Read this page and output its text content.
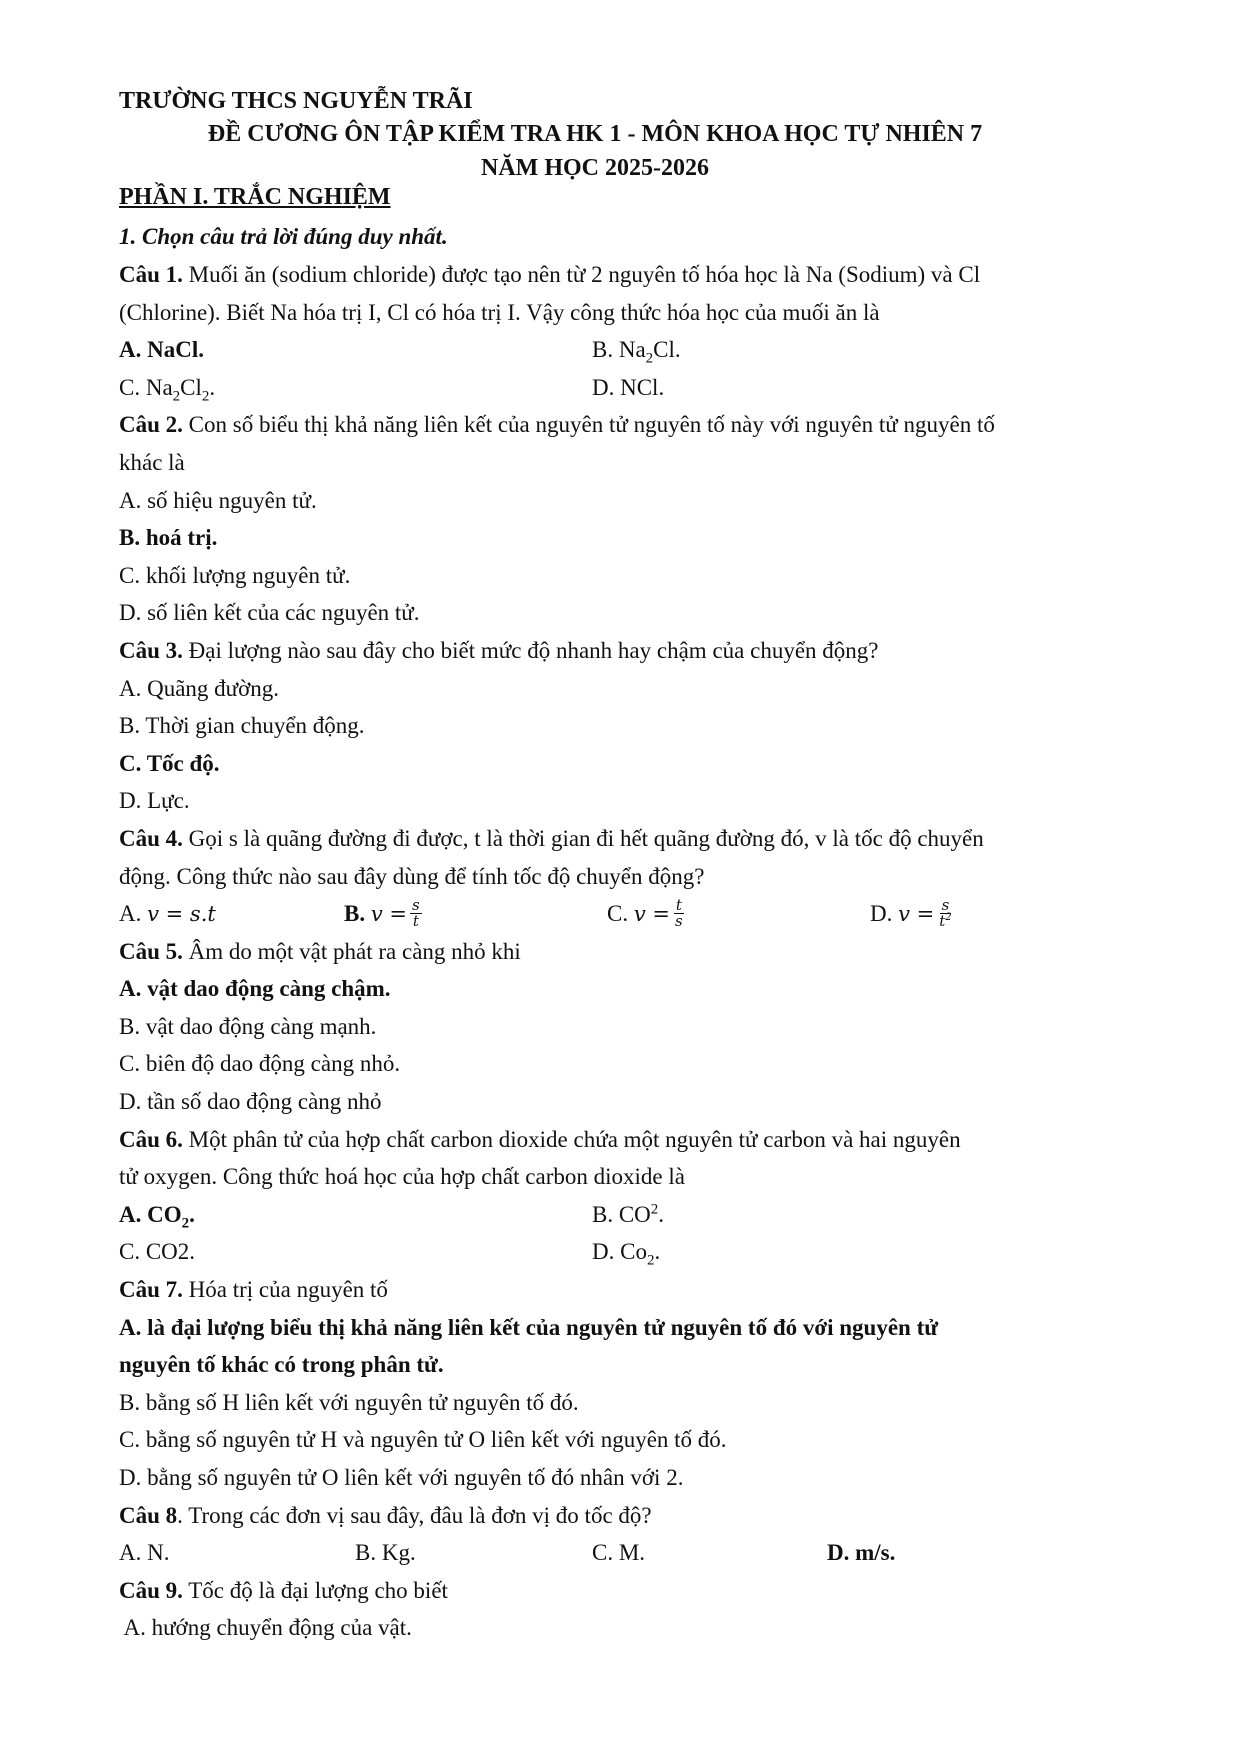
TRƯỜNG THCS NGUYỄN TRÃI
ĐỀ CƯƠNG ÔN TẬP KIỂM TRA HK 1 - MÔN KHOA HỌC TỰ NHIÊN 7
NĂM HỌC 2025-2026
PHẦN I. TRẮC NGHIỆM
1. Chọn câu trả lời đúng duy nhất.
Câu 1. Muối ăn (sodium chloride) được tạo nên từ 2 nguyên tố hóa học là Na (Sodium) và Cl
(Chlorine). Biết Na hóa trị I, Cl có hóa trị I. Vậy công thức hóa học của muối ăn là
A. NaCl.	B. $Na_2Cl$.
C. $Na_2Cl_2$.	D. NCl.
Câu 2. Con số biểu thị khả năng liên kết của nguyên tử nguyên tố này với nguyên tử nguyên tố
khác là
A. số hiệu nguyên tử.
B. hoá trị.
C. khối lượng nguyên tử.
D. số liên kết của các nguyên tử.
Câu 3. Đại lượng nào sau đây cho biết mức độ nhanh hay chậm của chuyển động?
A. Quãng đường.
B. Thời gian chuyển động.
C. Tốc độ.
D. Lực.
Câu 4. Gọi s là quãng đường đi được, t là thời gian đi hết quãng đường đó, v là tốc độ chuyển
động. Công thức nào sau đây dùng để tính tốc độ chuyển động?
A. v = s.t	B. $v = \frac{s}{t}$	C. $v = \frac{t}{s}$	D. $v = \frac{s}{t^2}$
Câu 5. Âm do một vật phát ra càng nhỏ khi
A. vật dao động càng chậm.
B. vật dao động càng mạnh.
C. biên độ dao động càng nhỏ.
D. tần số dao động càng nhỏ
Câu 6. Một phân tử của hợp chất carbon dioxide chứa một nguyên tử carbon và hai nguyên
tử oxygen. Công thức hoá học của hợp chất carbon dioxide là
A. $CO_2$.	B. $CO^2$.
C. CO2.	D. $Co_2$.
Câu 7. Hóa trị của nguyên tố
A. là đại lượng biểu thị khả năng liên kết của nguyên tử nguyên tố đó với nguyên tử
nguyên tố khác có trong phân tử.
B. bằng số H liên kết với nguyên tử nguyên tố đó.
C. bằng số nguyên tử H và nguyên tử O liên kết với nguyên tố đó.
D. bằng số nguyên tử O liên kết với nguyên tố đó nhân với 2.
Câu 8. Trong các đơn vị sau đây, đâu là đơn vị đo tốc độ?
A. N.	B. Kg.	C. M.	D. m/s.
Câu 9. Tốc độ là đại lượng cho biết
A. hướng chuyển động của vật.
